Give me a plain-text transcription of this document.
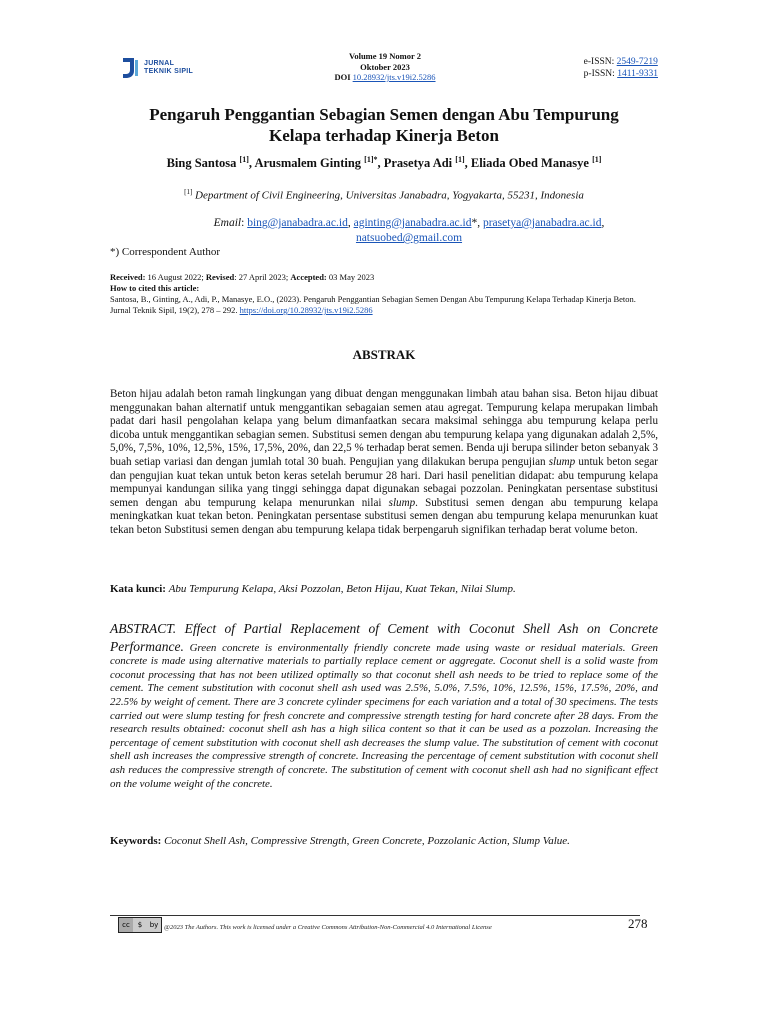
JURNAL
TEKNIK SIPIL
Volume 19 Nomor 2
Oktober 2023
DOI 10.28932/jts.v19i2.5286
e-ISSN: 2549-7219
p-ISSN: 1411-9331
Pengaruh Penggantian Sebagian Semen dengan Abu Tempurung
Kelapa terhadap Kinerja Beton
Bing Santosa [1], Arusmalem Ginting $^{[1]*}$, Prasetya Adi [1], Eliada Obed Manasye [1]
[1] Department of Civil Engineering, Universitas Janabadra, Yogyakarta, 55231, Indonesia
Email: bing@janabadra.ac.id, aginting@janabadra.ac.id*, prasetya@janabadra.ac.id,
natsuobed@gmail.com
*) Correspondent Author
Received: 16 August 2022; Revised: 27 April 2023; Accepted: 03 May 2023
How to cited this article:
Santosa, B., Ginting, A., Adi, P., Manasye, E.O., (2023). Pengaruh Penggantian Sebagian Semen Dengan Abu Tempurung Kelapa Terhadap Kinerja Beton. Jurnal Teknik Sipil, 19(2), 278 – 292. https://doi.org/10.28932/jts.v19i2.5286
ABSTRAK
Beton hijau adalah beton ramah lingkungan yang dibuat dengan menggunakan limbah atau bahan sisa. Beton hijau dibuat menggunakan bahan alternatif untuk menggantikan sebagaian semen atau agregat. Tempurung kelapa merupakan limbah padat dari hasil pengolahan kelapa yang belum dimanfaatkan secara maksimal sehingga abu tempurung kelapa perlu dicoba untuk menggantikan sebagian semen. Substitusi semen dengan abu tempurung kelapa yang digunakan adalah 2,5%, 5,0%, 7,5%, 10%, 12,5%, 15%, 17,5%, 20%, dan 22,5 % terhadap berat semen. Benda uji berupa silinder beton sebanyak 3 buah setiap variasi dan dengan jumlah total 30 buah. Pengujian yang dilakukan berupa pengujian slump untuk beton segar dan pengujian kuat tekan untuk beton keras setelah berumur 28 hari. Dari hasil penelitian didapat: abu tempurung kelapa mempunyai kandungan silika yang tinggi sehingga dapat digunakan sebagai pozzolan. Peningkatan persentase substitusi semen dengan abu tempurung kelapa menurunkan nilai slump. Substitusi semen dengan abu tempurung kelapa meningkatkan kuat tekan beton. Peningkatan persentase substitusi semen dengan abu tempurung kelapa menurunkan kuat tekan beton Substitusi semen dengan abu tempurung kelapa tidak berpengaruh signifikan terhadap berat volume beton.
Kata kunci: Abu Tempurung Kelapa, Aksi Pozzolan, Beton Hijau, Kuat Tekan, Nilai Slump.
ABSTRACT. Effect of Partial Replacement of Cement with Coconut Shell Ash on Concrete Performance. Green concrete is environmentally friendly concrete made using waste or residual materials. Green concrete is made using alternative materials to partially replace cement or aggregate. Coconut shell is a solid waste from coconut processing that has not been utilized optimally so that coconut shell ash needs to be tried to replace some of the cement. The cement substitution with coconut shell ash used was 2.5%, 5.0%, 7.5%, 10%, 12.5%, 15%, 17.5%, 20%, and 22.5% by weight of cement. There are 3 concrete cylinder specimens for each variation and a total of 30 specimens. The tests carried out were slump testing for fresh concrete and compressive strength testing for hard concrete after 28 days. From the research results obtained: coconut shell ash has a high silica content so that it can be used as a pozzolan. Increasing the percentage of cement substitution with coconut shell ash decreases the slump value. The substitution of cement with coconut shell ash increases the compressive strength of concrete. Increasing the percentage of cement substitution with coconut shell ash reduces the compressive strength of concrete. The substitution of cement with coconut shell ash had no significant effect on the volume weight of the concrete.
Keywords: Coconut Shell Ash, Compressive Strength, Green Concrete, Pozzolanic Action, Slump Value.
cc	$	by @2023 The Authors. This work is licensed under a Creative Commons Attribution-Non-Commercial 4.0 International License	278
